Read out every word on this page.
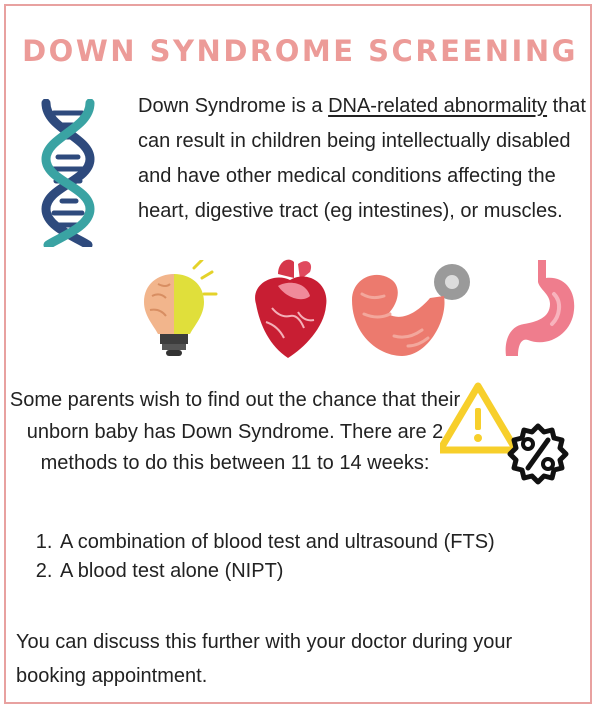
DOWN SYNDROME SCREENING
Down Syndrome is a DNA-related abnormality that can result in children being intellectually disabled and have other medical conditions affecting the heart, digestive tract (eg intestines), or muscles.
Some parents wish to find out the chance that their unborn baby has Down Syndrome. There are 2 methods to do this between 11 to 14 weeks:
1. A combination of blood test and ultrasound (FTS)
2. A blood test alone (NIPT)
You can discuss this further with your doctor during your booking appointment.
